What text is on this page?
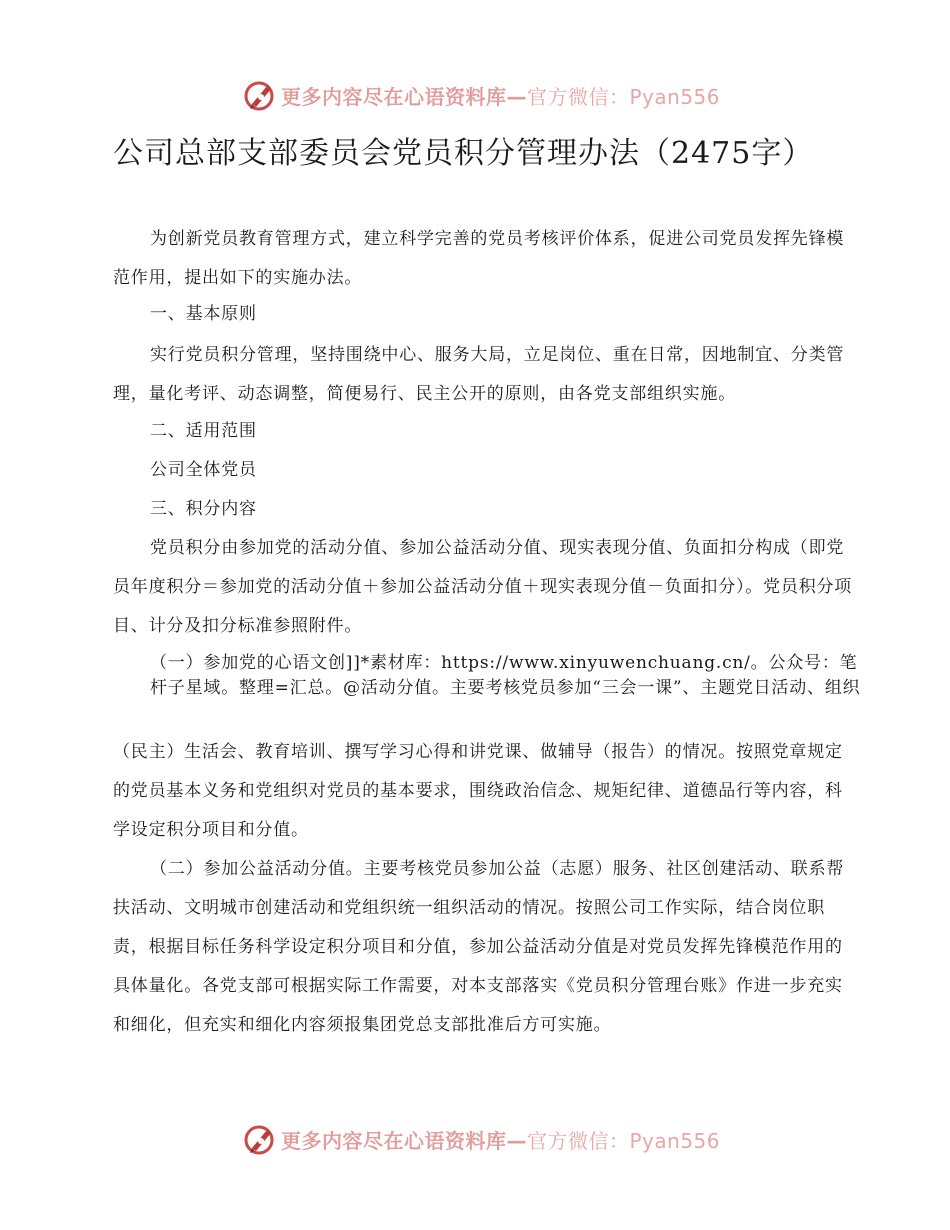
更多内容尽在心语资料库—官方微信：Pyan556
公司总部支部委员会党员积分管理办法（2475字）

为创新党员教育管理方式，建立科学完善的党员考核评价体系，促进公司党员发挥先锋模范作用，提出如下的实施办法。

一、基本原则

实行党员积分管理，坚持围绕中心、服务大局，立足岗位、重在日常，因地制宜、分类管理，量化考评、动态调整，简便易行、民主公开的原则，由各党支部组织实施。

二、适用范围

公司全体党员

三、积分内容

党员积分由参加党的活动分值、参加公益活动分值、现实表现分值、负面扣分构成（即党员年度积分＝参加党的活动分值＋参加公益活动分值＋现实表现分值－负面扣分）。党员积分项目、计分及扣分标准参照附件。

（一）参加党的心语文创]]*素材库：https://www.xinyuwenchuang.cn/。公众号：笔杆子星域。整理=汇总。@活动分值。主要考核党员参加“三会一课”、主题党日活动、组织

（民主）生活会、教育培训、撰写学习心得和讲党课、做辅导（报告）的情况。按照党章规定的党员基本义务和党组织对党员的基本要求，围绕政治信念、规矩纪律、道德品行等内容，科学设定积分项目和分值。

（二）参加公益活动分值。主要考核党员参加公益（志愿）服务、社区创建活动、联系帮扶活动、文明城市创建活动和党组织统一组织活动的情况。按照公司工作实际，结合岗位职责，根据目标任务科学设定积分项目和分值，参加公益活动分值是对党员发挥先锋模范作用的具体量化。各党支部可根据实际工作需要，对本支部落实《党员积分管理台账》作进一步充实和细化，但充实和细化内容须报集团党总支部批准后方可实施。

更多内容尽在心语资料库—官方微信：Pyan556
